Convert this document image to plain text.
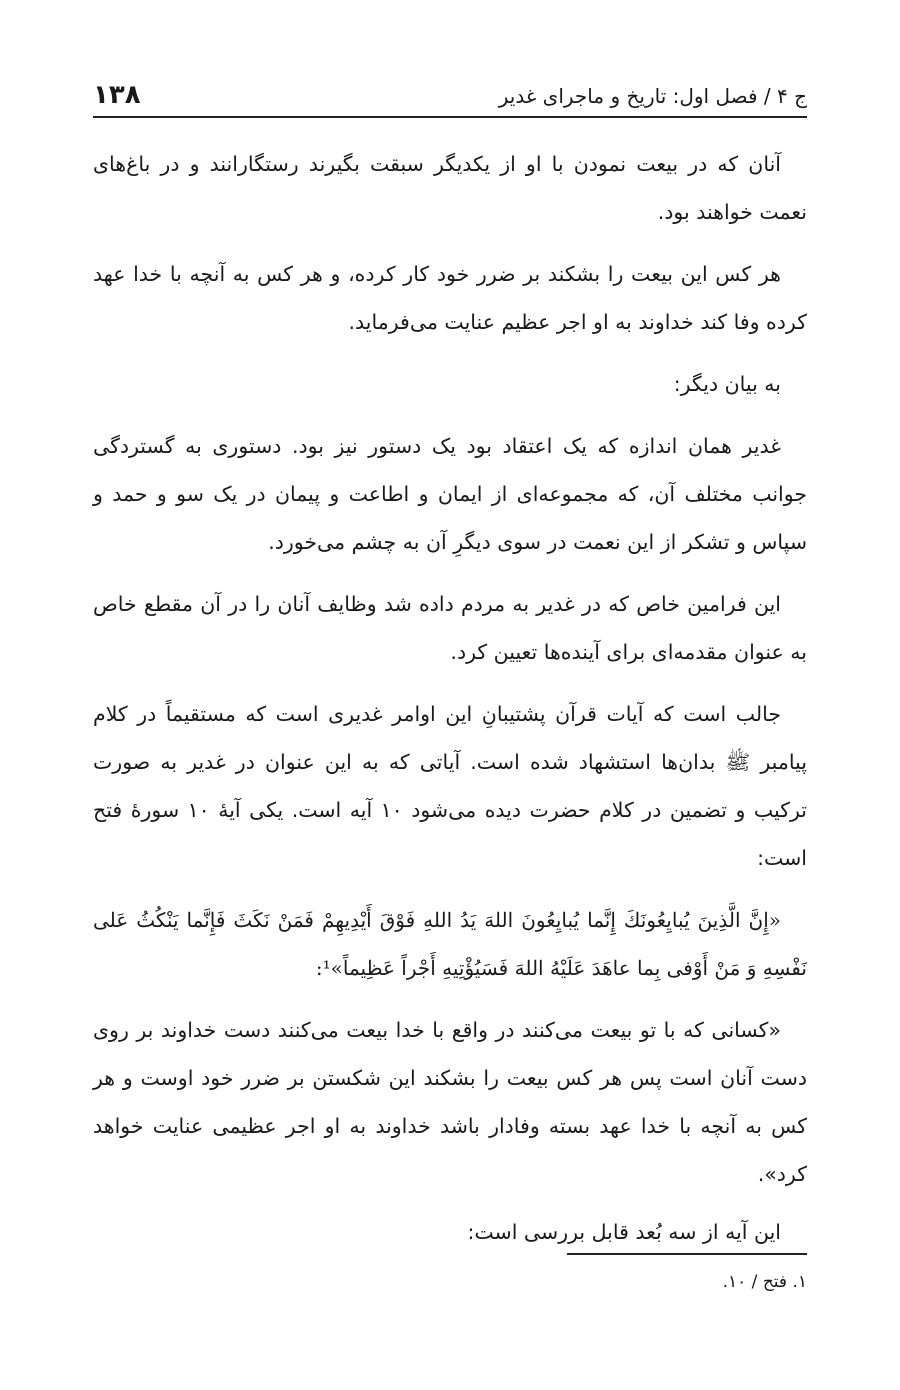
ج ۴ / فصل اول: تاریخ و ماجرای غدیر
۱۳۸

آنان که در بیعت نمودن با او از یکدیگر سبقت بگیرند رستگارانند و در باغ‌های نعمت خواهند بود.

هر کس این بیعت را بشکند بر ضرر خود کار کرده، و هر کس به آنچه با خدا عهد کرده وفا کند خداوند به او اجر عظیم عنایت می‌فرماید.

به بیان دیگر:

غدیر همان اندازه که یک اعتقاد بود یک دستور نیز بود. دستوری به گستردگی جوانب مختلف آن، که مجموعه‌ای از ایمان و اطاعت و پیمان در یک سو و حمد و سپاس و تشکر از این نعمت در سوی دیگرِ آن به چشم می‌خورد.

این فرامین خاص که در غدیر به مردم داده شد وظایف آنان را در آن مقطع خاص به عنوان مقدمه‌ای برای آینده‌ها تعیین کرد.

جالب است که آیات قرآن پشتیبانِ این اوامر غدیری است که مستقیماً در کلام پیامبر ﷺ بدان‌ها استشهاد شده است. آیاتی که به این عنوان در غدیر به صورت ترکیب و تضمین در کلام حضرت دیده می‌شود ۱۰ آیه است. یکی آیهٔ ۱۰ سورهٔ فتح است:

«إِنَّ الَّذِينَ يُبايِعُونَكَ إِنَّما يُبايِعُونَ اللهَ يَدُ اللهِ فَوْقَ أَيْدِيهِمْ فَمَنْ نَكَثَ فَإِنَّما يَنْكُثُ عَلى نَفْسِهِ وَ مَنْ أَوْفى بِما عاهَدَ عَلَيْهُ اللهَ فَسَيُؤْتِيهِ أَجْراً عَظِيماً»¹:

«کسانی که با تو بیعت می‌کنند در واقع با خدا بیعت می‌کنند دست خداوند بر روی دست آنان است پس هر کس بیعت را بشکند این شکستن بر ضرر خود اوست و هر کس به آنچه با خدا عهد بسته وفادار باشد خداوند به او اجر عظیمی عنایت خواهد کرد».

این آیه از سه بُعد قابل بررسی است:

۱. فتح / ۱۰.
